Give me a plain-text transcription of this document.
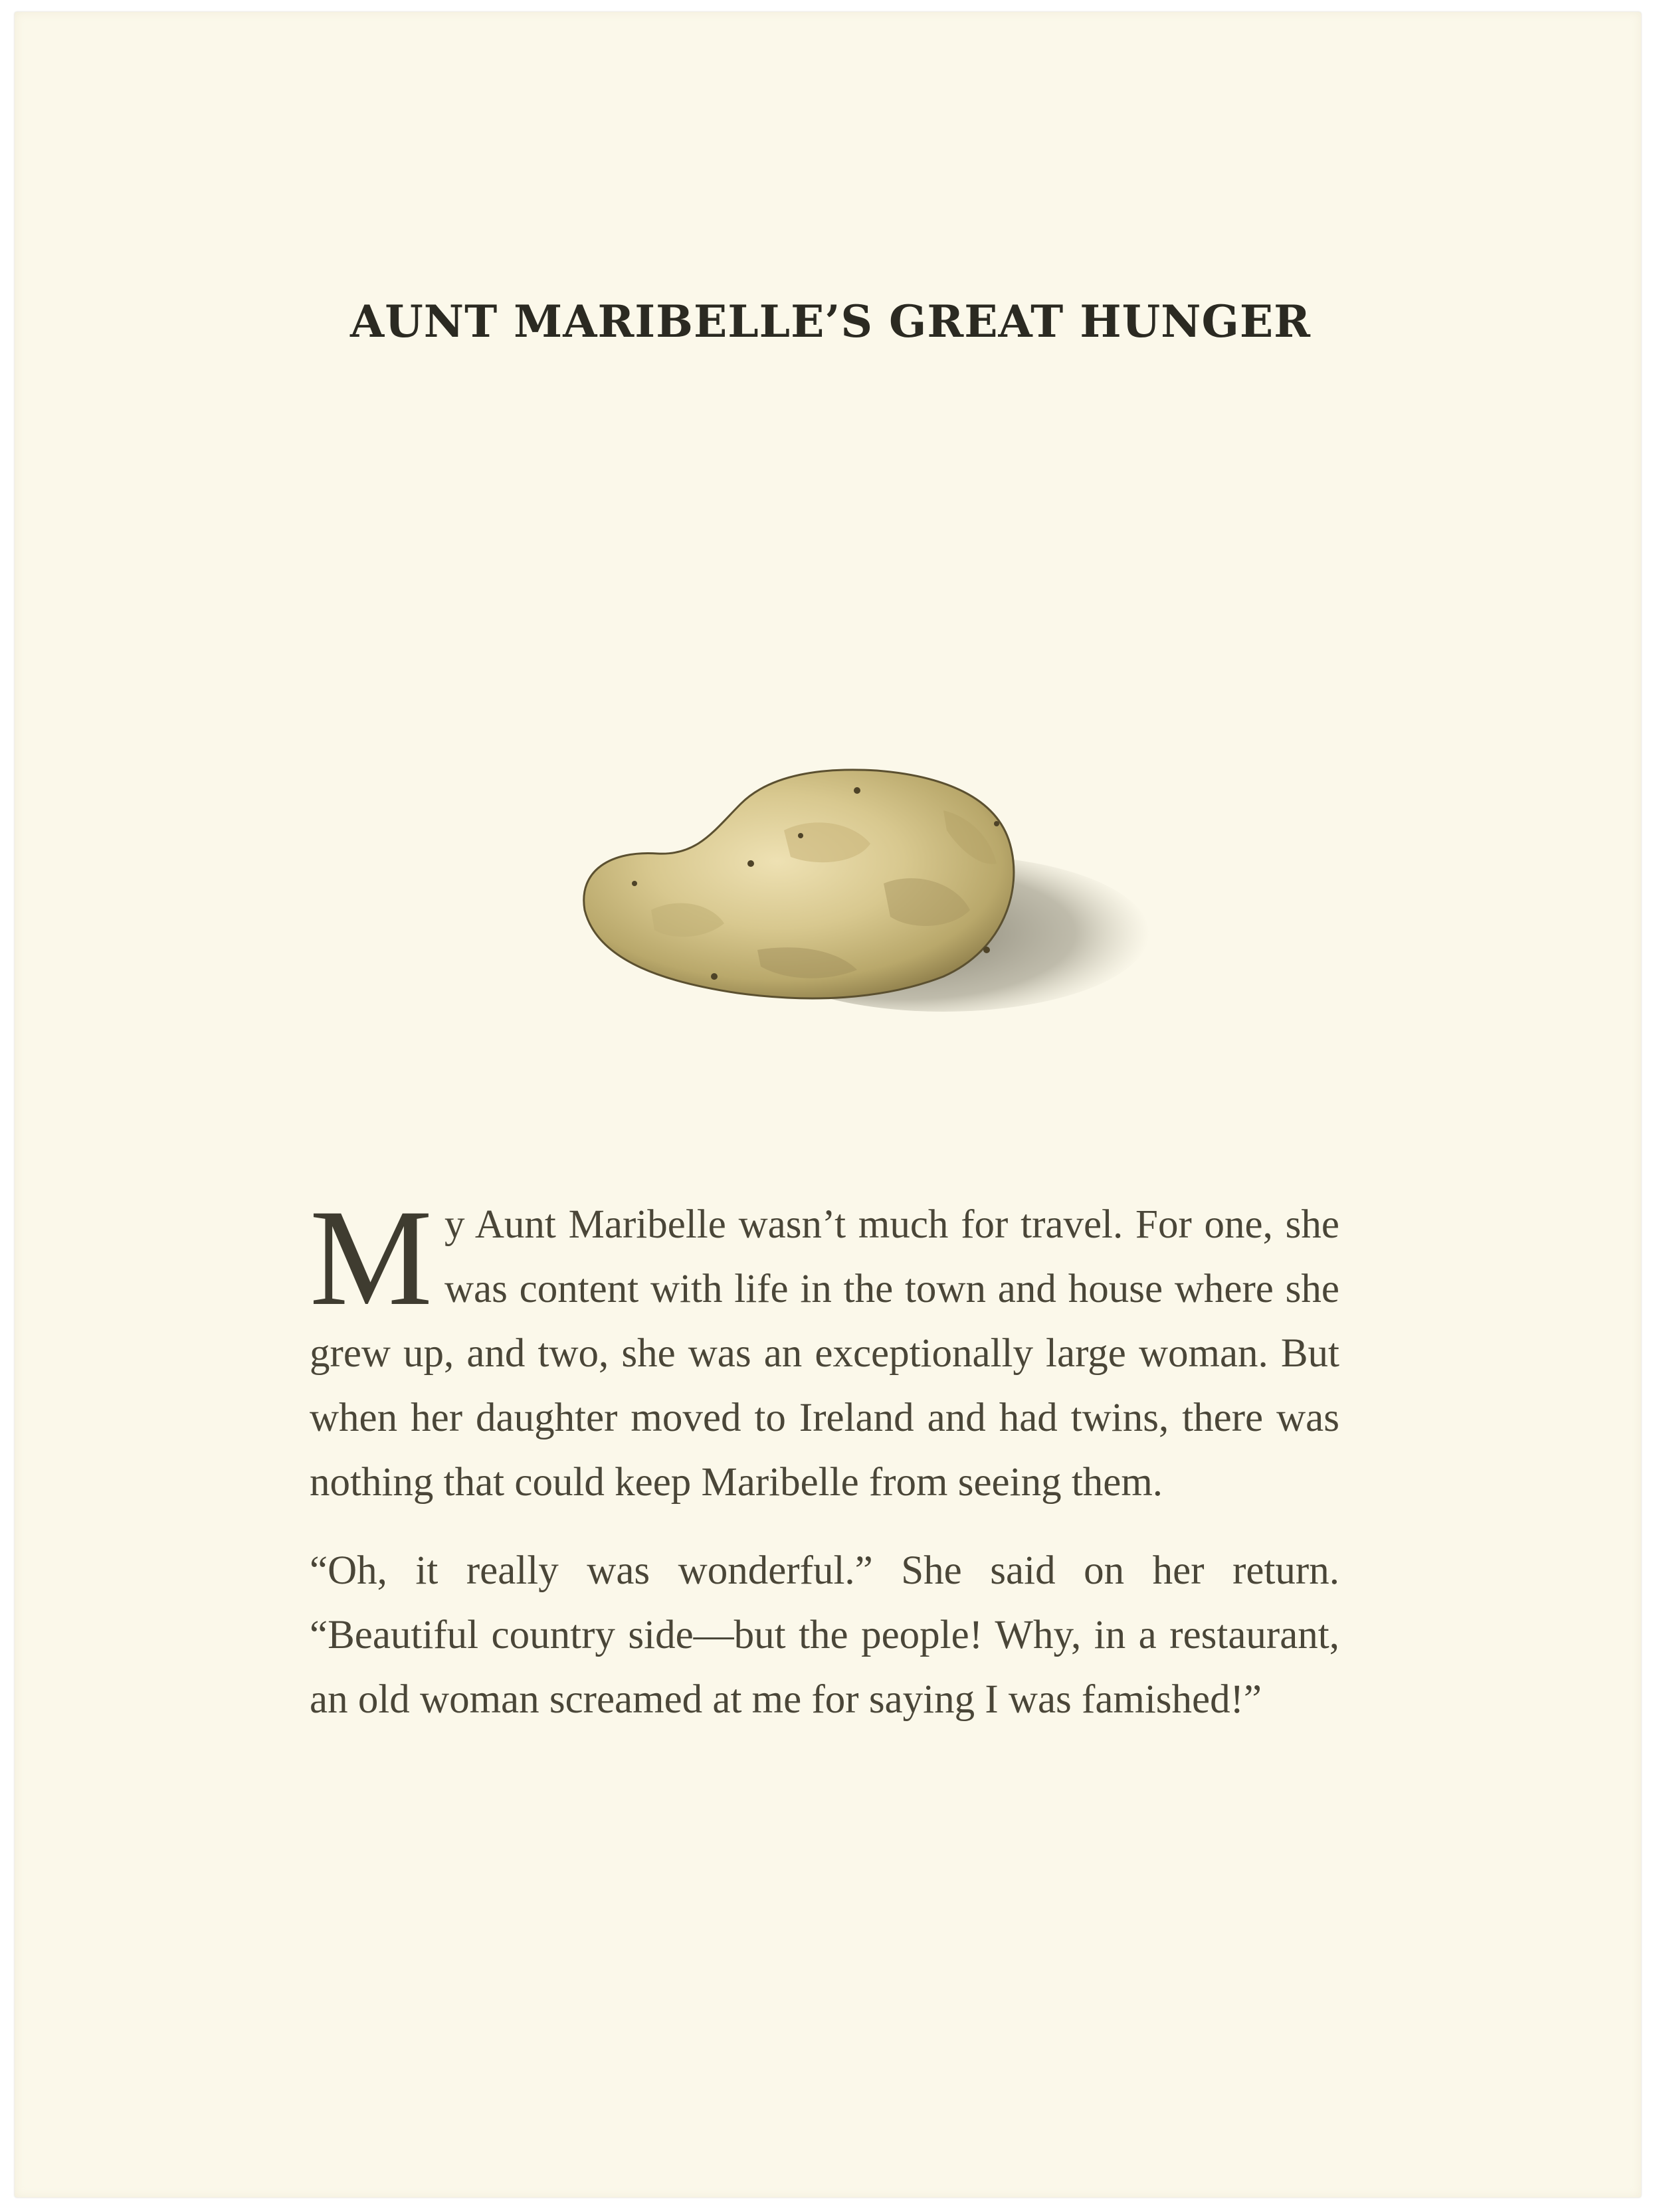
AUNT MARIBELLE’S GREAT HUNGER

My Aunt Maribelle wasn’t much for travel. For one, she was content with life in the town and house where she grew up, and two, she was an exceptionally large woman. But when her daughter moved to Ireland and had twins, there was nothing that could keep Maribelle from seeing them.

“Oh, it really was wonderful.” She said on her return. “Beautiful country side—but the people! Why, in a restaurant, an old woman screamed at me for saying I was famished!”
